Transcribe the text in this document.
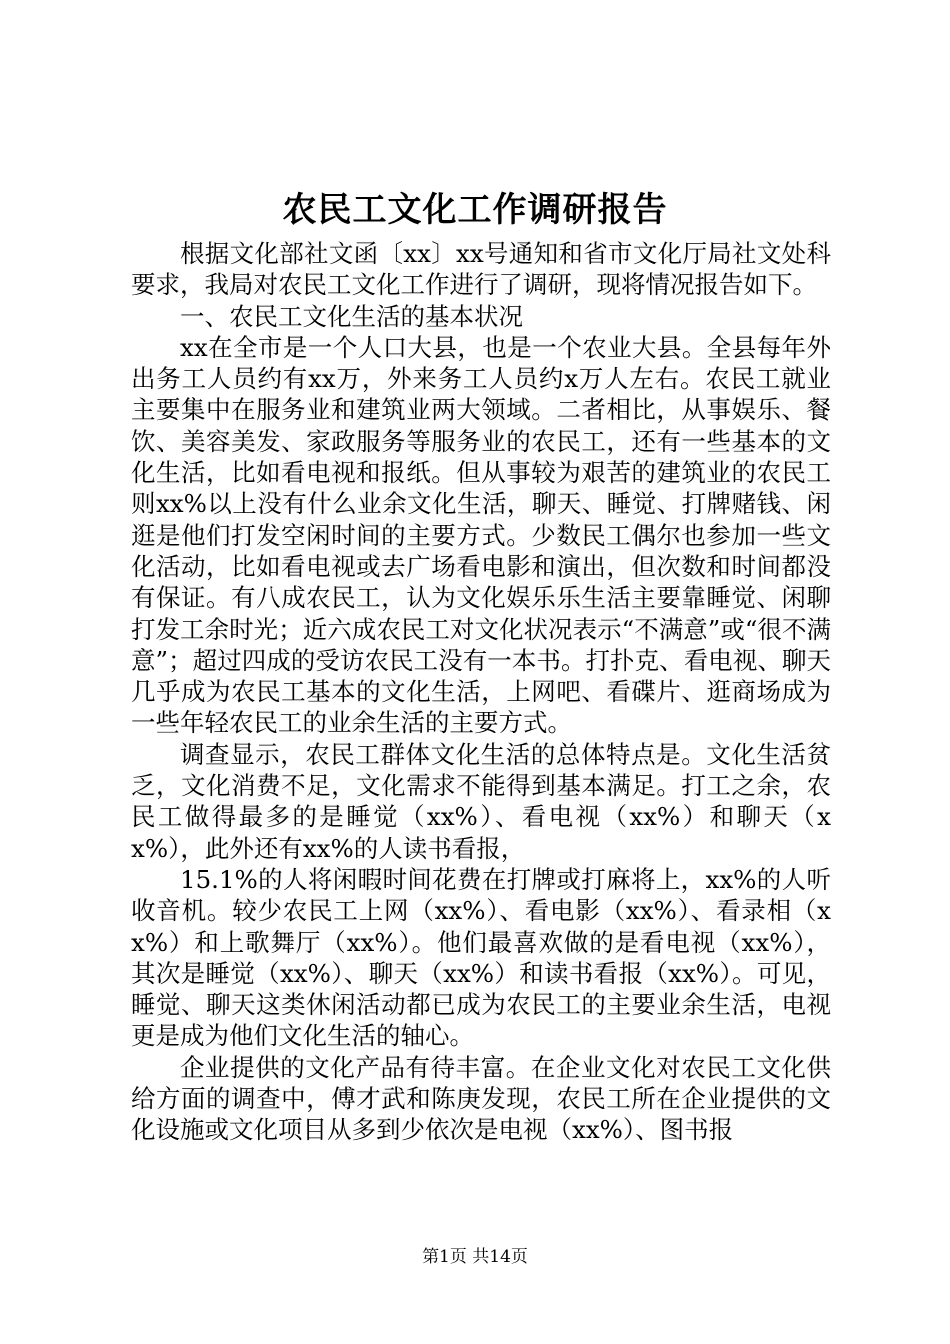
农民工文化工作调研报告

根据文化部社文函〔xx〕xx号通知和省市文化厅局社文处科要求，我局对农民工文化工作进行了调研，现将情况报告如下。

一、农民工文化生活的基本状况

xx在全市是一个人口大县，也是一个农业大县。全县每年外出务工人员约有xx万，外来务工人员约x万人左右。农民工就业主要集中在服务业和建筑业两大领域。二者相比，从事娱乐、餐饮、美容美发、家政服务等服务业的农民工，还有一些基本的文化生活，比如看电视和报纸。但从事较为艰苦的建筑业的农民工则xx%以上没有什么业余文化生活，聊天、睡觉、打牌赌钱、闲逛是他们打发空闲时间的主要方式。少数民工偶尔也参加一些文化活动，比如看电视或去广场看电影和演出，但次数和时间都没有保证。有八成农民工，认为文化娱乐乐生活主要靠睡觉、闲聊打发工余时光；近六成农民工对文化状况表示“不满意”或“很不满意”；超过四成的受访农民工没有一本书。打扑克、看电视、聊天几乎成为农民工基本的文化生活，上网吧、看碟片、逛商场成为一些年轻农民工的业余生活的主要方式。

调查显示，农民工群体文化生活的总体特点是。文化生活贫乏，文化消费不足，文化需求不能得到基本满足。打工之余，农民工做得最多的是睡觉（xx%）、看电视（xx%）和聊天（xx%），此外还有xx%的人读书看报，

15.1%的人将闲暇时间花费在打牌或打麻将上，xx%的人听收音机。较少农民工上网（xx%）、看电影（xx%）、看录相（xx%）和上歌舞厅（xx%）。他们最喜欢做的是看电视（xx%），其次是睡觉（xx%）、聊天（xx%）和读书看报（xx%）。可见，睡觉、聊天这类休闲活动都已成为农民工的主要业余生活，电视更是成为他们文化生活的轴心。

企业提供的文化产品有待丰富。在企业文化对农民工文化供给方面的调查中，傅才武和陈庚发现，农民工所在企业提供的文化设施或文化项目从多到少依次是电视（xx%）、图书报

第1页 共14页
